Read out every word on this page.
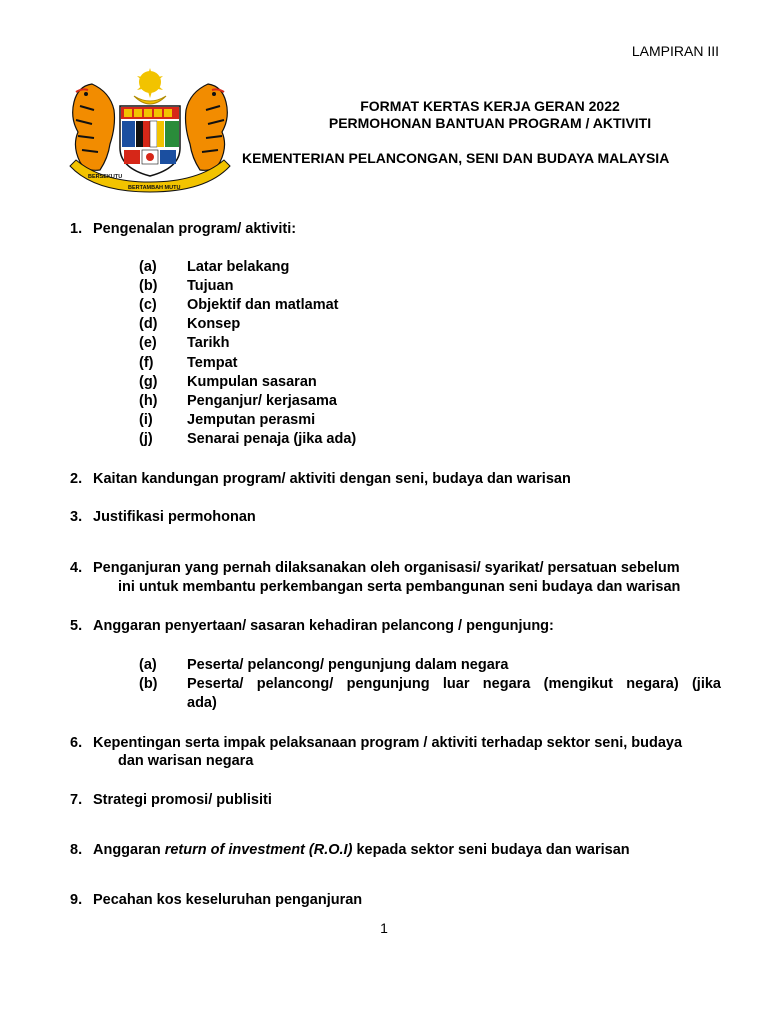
LAMPIRAN III
FORMAT KERTAS KERJA GERAN 2022
PERMOHONAN BANTUAN PROGRAM / AKTIVITI
KEMENTERIAN PELANCONGAN, SENI DAN BUDAYA MALAYSIA
BERSEKUTU
BERTAMBAH MUTU
1. Pengenalan program/ aktiviti:
(a) Latar belakang
(b) Tujuan
(c) Objektif dan matlamat
(d) Konsep
(e) Tarikh
(f) Tempat
(g) Kumpulan sasaran
(h) Penganjur/ kerjasama
(i) Jemputan perasmi
(j) Senarai penaja (jika ada)
2. Kaitan kandungan program/ aktiviti dengan seni, budaya dan warisan
3. Justifikasi permohonan
4. Penganjuran yang pernah dilaksanakan oleh organisasi/ syarikat/ persatuan sebelum
ini untuk membantu perkembangan serta pembangunan seni budaya dan warisan
5. Anggaran penyertaan/ sasaran kehadiran pelancong / pengunjung:
(a) Peserta/ pelancong/ pengunjung dalam negara
(b) Peserta/ pelancong/ pengunjung luar negara (mengikut negara) (jika
ada)
6. Kepentingan serta impak pelaksanaan program / aktiviti terhadap sektor seni, budaya
dan warisan negara
7. Strategi promosi/ publisiti
8. Anggaran return of investment (R.O.I) kepada sektor seni budaya dan warisan
9. Pecahan kos keseluruhan penganjuran
1
